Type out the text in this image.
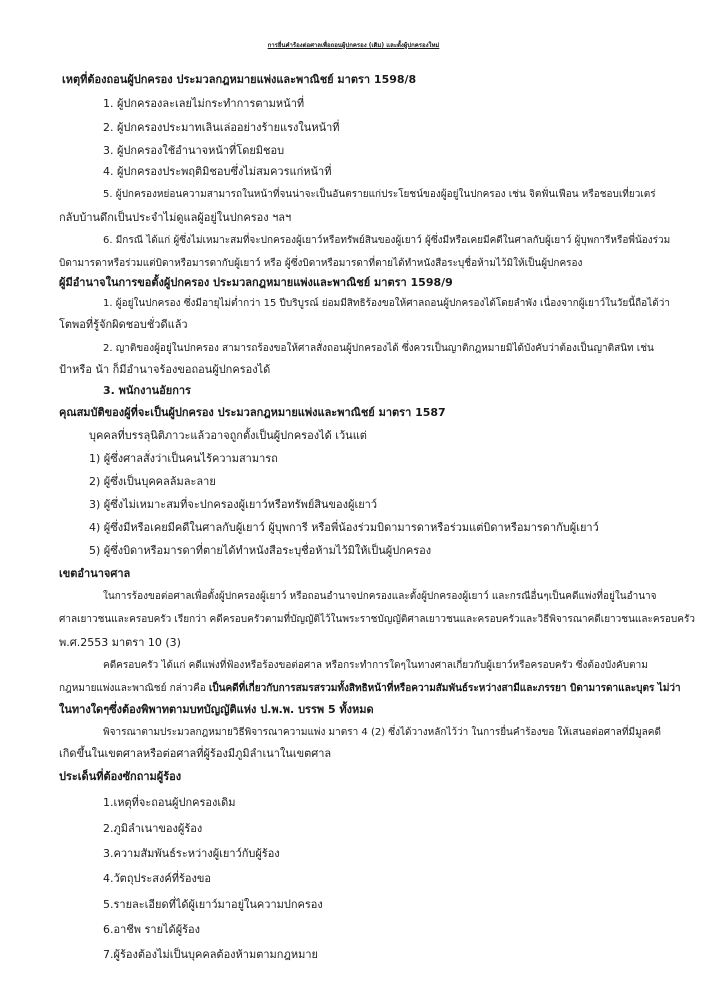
การยื่นคำร้องต่อศาลเพื่อถอนผู้ปกครอง (เดิม) และตั้งผู้ปกครองใหม่
เหตุที่ต้องถอนผู้ปกครอง ประมวลกฎหมายแพ่งและพาณิชย์ มาตรา 1598/8
1. ผู้ปกครองละเลยไม่กระทำการตามหน้าที่
2. ผู้ปกครองประมาทเลินเล่ออย่างร้ายแรงในหน้าที่
3. ผู้ปกครองใช้อำนาจหน้าที่โดยมิชอบ
4. ผู้ปกครองประพฤติมิชอบซึ่งไม่สมควรแก่หน้าที่
5. ผู้ปกครองหย่อนความสามารถในหน้าที่จนน่าจะเป็นอันตรายแก่ประโยชน์ของผู้อยู่ในปกครอง เช่น จิตฟั่นเฟือน หรือชอบเที่ยวเตร่
กลับบ้านดึกเป็นประจำไม่ดูแลผู้อยู่ในปกครอง ฯลฯ
6. มีกรณี ได้แก่ ผู้ซึ่งไม่เหมาะสมที่จะปกครองผู้เยาว์หรือทรัพย์สินของผู้เยาว์ ผู้ซึ่งมีหรือเคยมีคดีในศาลกับผู้เยาว์ ผู้บุพการีหรือพี่น้องร่วม
บิดามารดาหรือร่วมแต่บิดาหรือมารดากับผู้เยาว์ หรือ ผู้ซึ่งบิดาหรือมารดาที่ตายได้ทำหนังสือระบุชื่อห้ามไว้มิให้เป็นผู้ปกครอง
ผู้มีอำนาจในการขอตั้งผู้ปกครอง ประมวลกฎหมายแพ่งและพาณิชย์ มาตรา 1598/9
1. ผู้อยู่ในปกครอง ซึ่งมีอายุไม่ต่ำกว่า 15 ปีบริบูรณ์ ย่อมมีสิทธิร้องขอให้ศาลถอนผู้ปกครองได้โดยลำพัง เนื่องจากผู้เยาว์ในวัยนี้ถือได้ว่า
โตพอที่รู้จักผิดชอบชั่วดีแล้ว
2. ญาติของผู้อยู่ในปกครอง สามารถร้องขอให้ศาลสั่งถอนผู้ปกครองได้ ซึ่งควรเป็นญาติกฎหมายมิได้บังคับว่าต้องเป็นญาติสนิท เช่น
ป้าหรือ น้า ก็มีอำนาจร้องขอถอนผู้ปกครองได้
3. พนักงานอัยการ
คุณสมบัติของผู้ที่จะเป็นผู้ปกครอง ประมวลกฎหมายแพ่งและพาณิชย์ มาตรา 1587
บุคคลที่บรรลุนิติภาวะแล้วอาจถูกตั้งเป็นผู้ปกครองได้ เว้นแต่
1) ผู้ซึ่งศาลสั่งว่าเป็นคนไร้ความสามารถ
2) ผู้ซึ่งเป็นบุคคลล้มละลาย
3) ผู้ซึ่งไม่เหมาะสมที่จะปกครองผู้เยาว์หรือทรัพย์สินของผู้เยาว์
4) ผู้ซึ่งมีหรือเคยมีคดีในศาลกับผู้เยาว์ ผู้บุพการี หรือพี่น้องร่วมบิดามารดาหรือร่วมแต่บิดาหรือมารดากับผู้เยาว์
5) ผู้ซึ่งบิดาหรือมารดาที่ตายได้ทำหนังสือระบุชื่อห้ามไว้มิให้เป็นผู้ปกครอง
เขตอำนาจศาล
ในการร้องขอต่อศาลเพื่อตั้งผู้ปกครองผู้เยาว์ หรือถอนอำนาจปกครองและตั้งผู้ปกครองผู้เยาว์ และกรณีอื่นๆเป็นคดีแพ่งที่อยู่ในอำนาจ
ศาลเยาวชนและครอบครัว เรียกว่า คดีครอบครัวตามที่บัญญัติไว้ในพระราชบัญญัติศาลเยาวชนและครอบครัวและวิธีพิจารณาคดีเยาวชนและครอบครัว
พ.ศ.2553 มาตรา 10 (3)
คดีครอบครัว ได้แก่ คดีแพ่งที่ฟ้องหรือร้องขอต่อศาล หรือกระทำการใดๆในทางศาลเกี่ยวกับผู้เยาว์หรือครอบครัว ซึ่งต้องบังคับตาม
กฎหมายแพ่งและพาณิชย์ กล่าวคือ เป็นคดีที่เกี่ยวกับการสมรสรวมทั้งสิทธิหน้าที่หรือความสัมพันธ์ระหว่างสามีและภรรยา บิดามารดาและบุตร ไม่ว่า
ในทางใดๆซึ่งต้องพิพาทตามบทบัญญัติแห่ง ป.พ.พ. บรรพ 5 ทั้งหมด
พิจารณาตามประมวลกฎหมายวิธีพิจารณาความแพ่ง มาตรา 4 (2) ซึ่งได้วางหลักไว้ว่า ในการยื่นคำร้องขอ ให้เสนอต่อศาลที่มีมูลคดี
เกิดขึ้นในเขตศาลหรือต่อศาลที่ผู้ร้องมีภูมิลำเนาในเขตศาล
ประเด็นที่ต้องซักถามผู้ร้อง
1.เหตุที่จะถอนผู้ปกครองเดิม
2.ภูมิลำเนาของผู้ร้อง
3.ความสัมพันธ์ระหว่างผู้เยาว์กับผู้ร้อง
4.วัตถุประสงค์ที่ร้องขอ
5.รายละเอียดที่ได้ผู้เยาว์มาอยู่ในความปกครอง
6.อาชีพ รายได้ผู้ร้อง
7.ผู้ร้องต้องไม่เป็นบุคคลต้องห้ามตามกฎหมาย
